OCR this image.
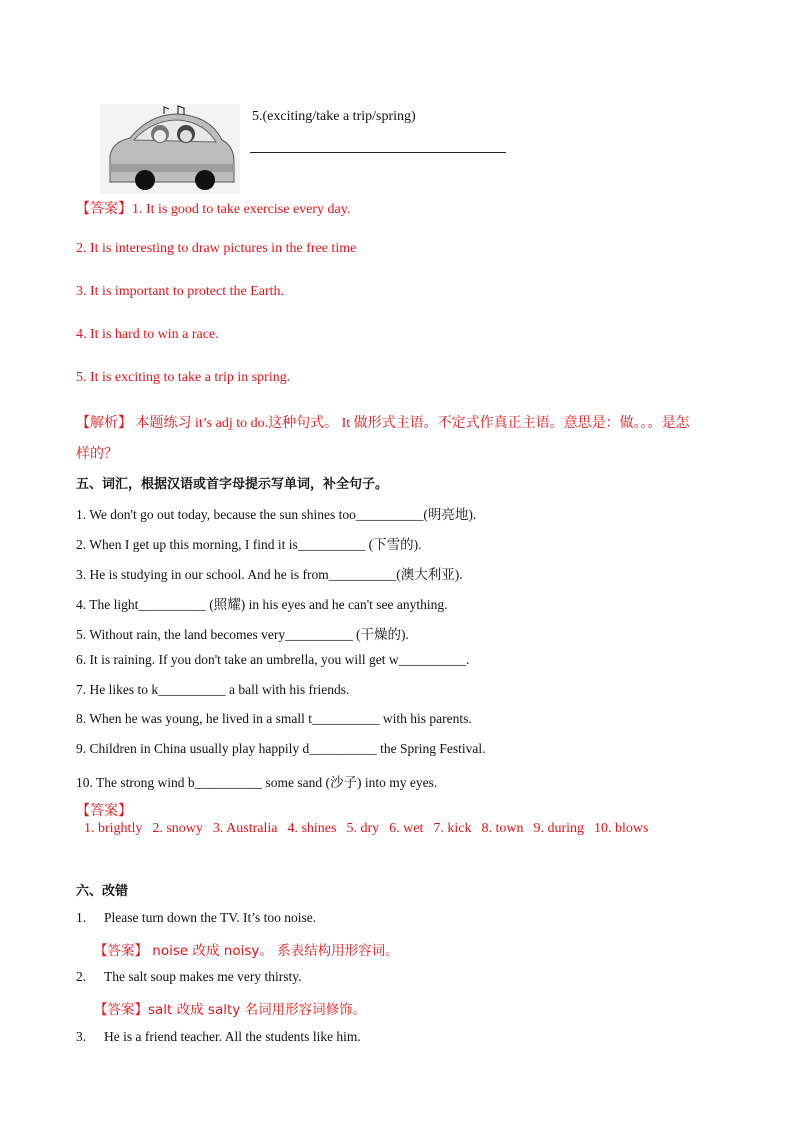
5.(exciting/take a trip/spring)
【答案】1. It is good to take exercise every day.
2. It is interesting to draw pictures in the free time
3. It is important to protect the Earth.
4. It is hard to win a race.
5. It is exciting to take a trip in spring.
【解析】 本题练习 it’s adj to do.这种句式。 It 做形式主语。不定式作真正主语。意思是：做。。。是怎
样的？
五、词汇，根据汉语或首字母提示写单词，补全句子。
1. We don't go out today, because the sun shines too__________(明亮地).
2. When I get up this morning, I find it is__________ (下雪的).
3. He is studying in our school. And he is from__________(澳大利亚).
4. The light__________ (照耀) in his eyes and he can't see anything.
5. Without rain, the land becomes very__________ (干燥的).
6. It is raining. If you don't take an umbrella, you will get w__________.
7. He likes to k__________ a ball with his friends.
8. When he was young, he lived in a small t__________ with his parents.
9. Children in China usually play happily d__________ the Spring Festival.
10. The strong wind b__________ some sand (沙子) into my eyes.
【答案】
1. brightly 2. snowy 3. Australia 4. shines 5. dry 6. wet 7. kick 8. town 9. during 10. blows
六、改错
1. Please turn down the TV. It’s too noise.
【答案】 noise 改成 noisy。 系表结构用形容词。
2. The salt soup makes me very thirsty.
【答案】salt 改成 salty 名词用形容词修饰。
3. He is a friend teacher. All the students like him.
